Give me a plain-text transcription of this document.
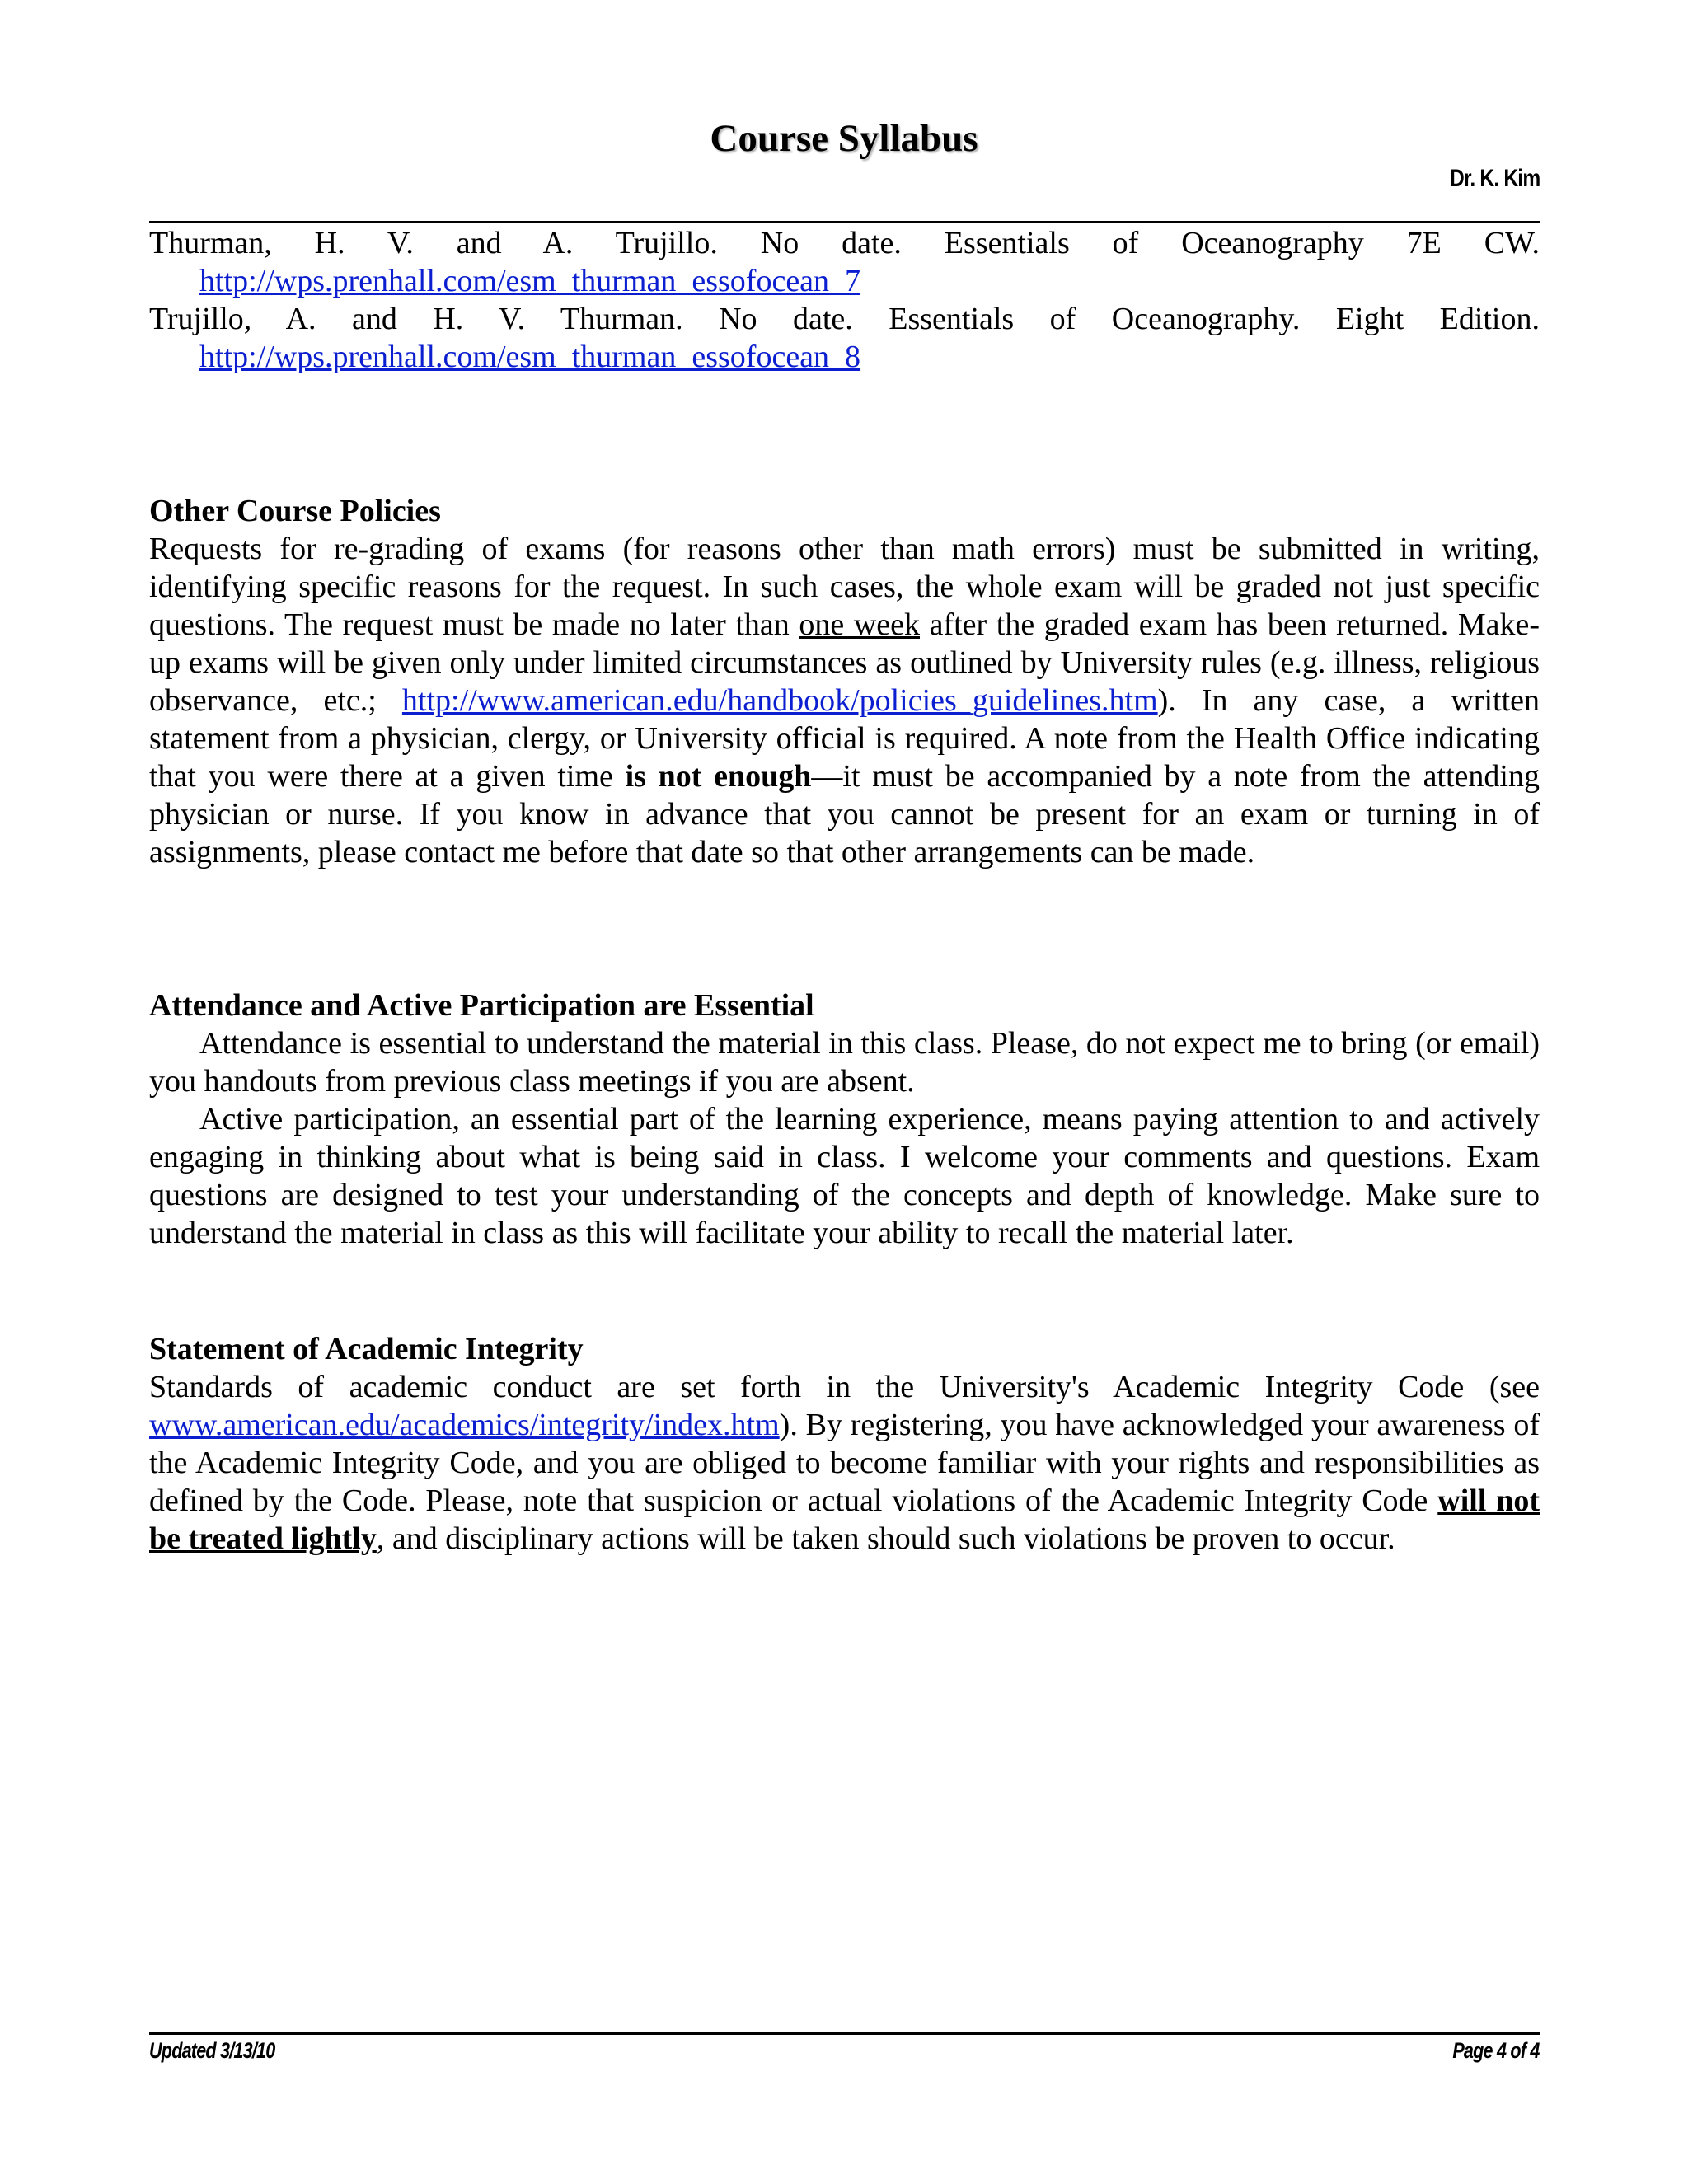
Course Syllabus
Dr. K. Kim

Thurman, H. V. and A. Trujillo. No date. Essentials of Oceanography 7E CW. http://wps.prenhall.com/esm_thurman_essofocean_7

Trujillo, A. and H. V. Thurman. No date. Essentials of Oceanography. Eight Edition. http://wps.prenhall.com/esm_thurman_essofocean_8

Other Course Policies

Requests for re-grading of exams (for reasons other than math errors) must be submitted in writing, identifying specific reasons for the request. In such cases, the whole exam will be graded not just specific questions. The request must be made no later than one week after the graded exam has been returned. Make-up exams will be given only under limited circumstances as outlined by University rules (e.g. illness, religious observance, etc.; http://www.american.edu/handbook/policies_guidelines.htm). In any case, a written statement from a physician, clergy, or University official is required. A note from the Health Office indicating that you were there at a given time is not enough—it must be accompanied by a note from the attending physician or nurse. If you know in advance that you cannot be present for an exam or turning in of assignments, please contact me before that date so that other arrangements can be made.

Attendance and Active Participation are Essential

Attendance is essential to understand the material in this class. Please, do not expect me to bring (or email) you handouts from previous class meetings if you are absent.

Active participation, an essential part of the learning experience, means paying attention to and actively engaging in thinking about what is being said in class. I welcome your comments and questions. Exam questions are designed to test your understanding of the concepts and depth of knowledge. Make sure to understand the material in class as this will facilitate your ability to recall the material later.

Statement of Academic Integrity

Standards of academic conduct are set forth in the University's Academic Integrity Code (see www.american.edu/academics/integrity/index.htm). By registering, you have acknowledged your awareness of the Academic Integrity Code, and you are obliged to become familiar with your rights and responsibilities as defined by the Code. Please, note that suspicion or actual violations of the Academic Integrity Code will not be treated lightly, and disciplinary actions will be taken should such violations be proven to occur.

Updated 3/13/10	Page 4 of 4
